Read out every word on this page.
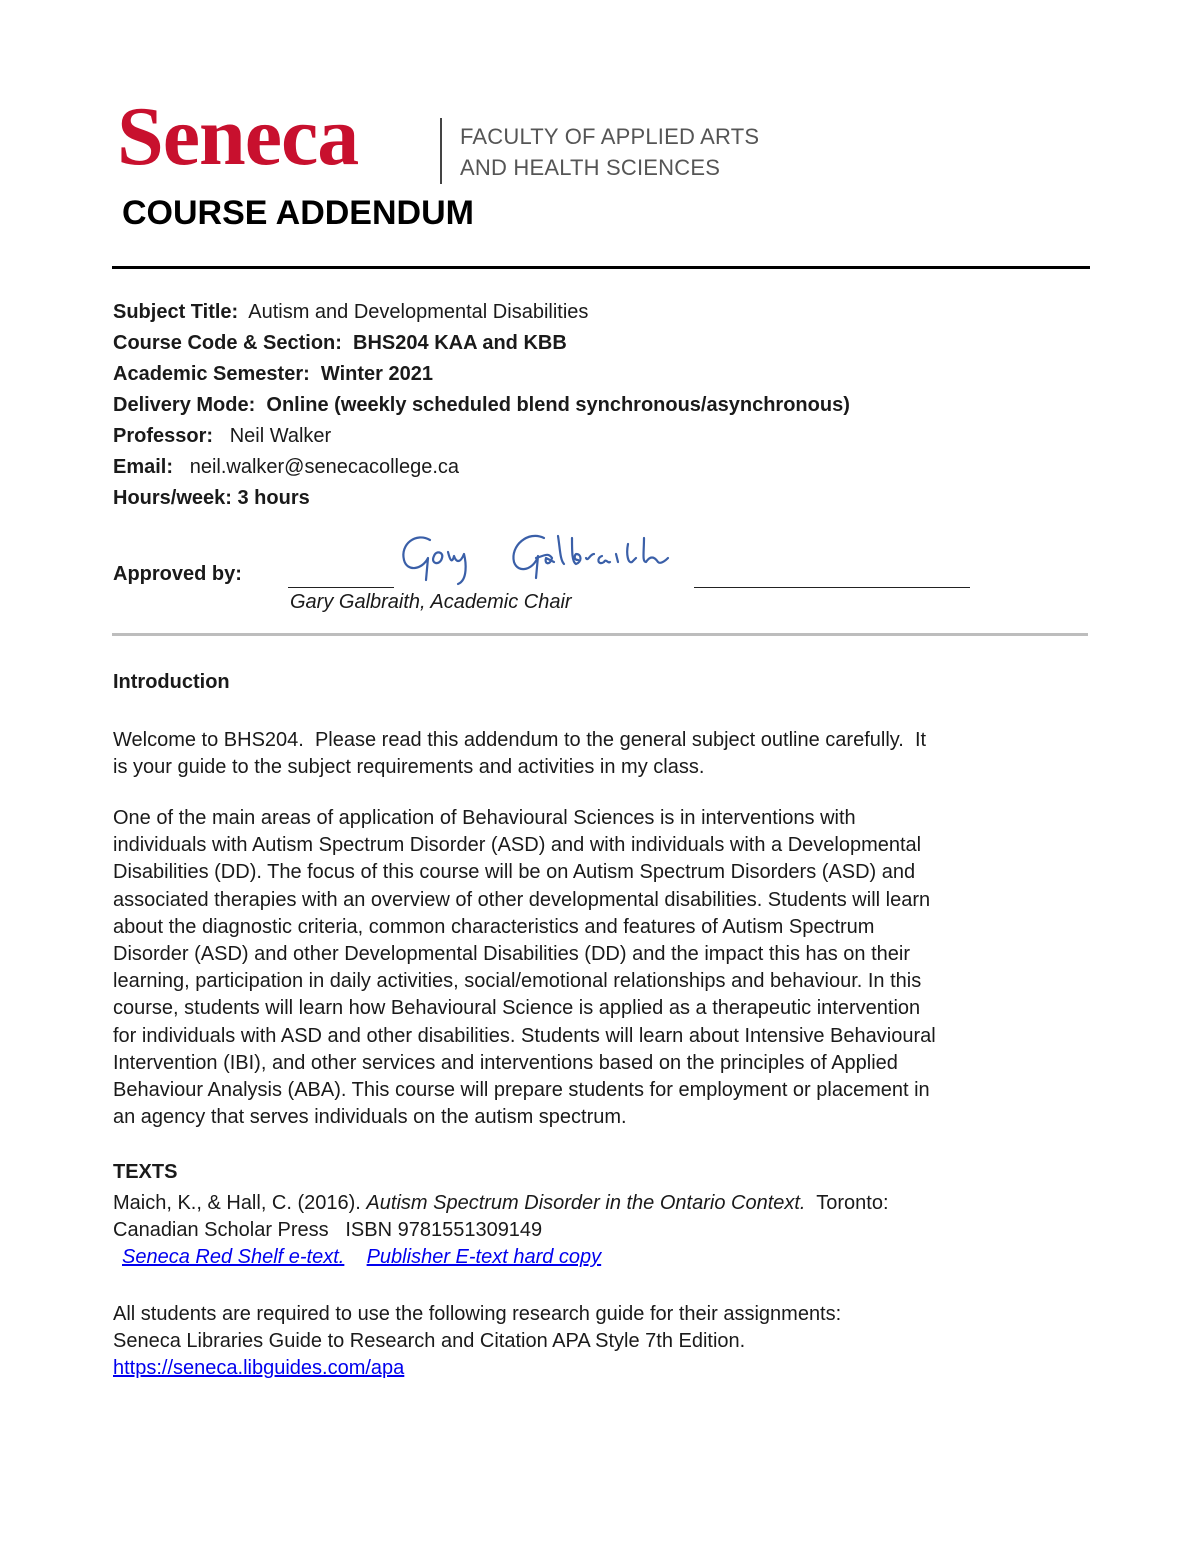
Seneca	FACULTY OF APPLIED ARTS
AND HEALTH SCIENCES
COURSE ADDENDUM
Subject Title: Autism and Developmental Disabilities
Course Code & Section: BHS204 KAA and KBB
Academic Semester: Winter 2021
Delivery Mode: Online (weekly scheduled blend synchronous/asynchronous)
Professor: Neil Walker
Email: neil.walker@senecacollege.ca
Hours/week: 3 hours
Approved by:
Gary Galbraith, Academic Chair
Introduction
Welcome to BHS204.  Please read this addendum to the general subject outline carefully.  It
is your guide to the subject requirements and activities in my class.
One of the main areas of application of Behavioural Sciences is in interventions with
individuals with Autism Spectrum Disorder (ASD) and with individuals with a Developmental
Disabilities (DD). The focus of this course will be on Autism Spectrum Disorders (ASD) and
associated therapies with an overview of other developmental disabilities. Students will learn
about the diagnostic criteria, common characteristics and features of Autism Spectrum
Disorder (ASD) and other Developmental Disabilities (DD) and the impact this has on their
learning, participation in daily activities, social/emotional relationships and behaviour. In this
course, students will learn how Behavioural Science is applied as a therapeutic intervention
for individuals with ASD and other disabilities. Students will learn about Intensive Behavioural
Intervention (IBI), and other services and interventions based on the principles of Applied
Behaviour Analysis (ABA). This course will prepare students for employment or placement in
an agency that serves individuals on the autism spectrum.
TEXTS
Maich, K., & Hall, C. (2016). Autism Spectrum Disorder in the Ontario Context.  Toronto:
Canadian Scholar Press   ISBN 9781551309149
Seneca Red Shelf e-text. Publisher E-text hard copy
All students are required to use the following research guide for their assignments:
Seneca Libraries Guide to Research and Citation APA Style 7th Edition.
https://seneca.libguides.com/apa
